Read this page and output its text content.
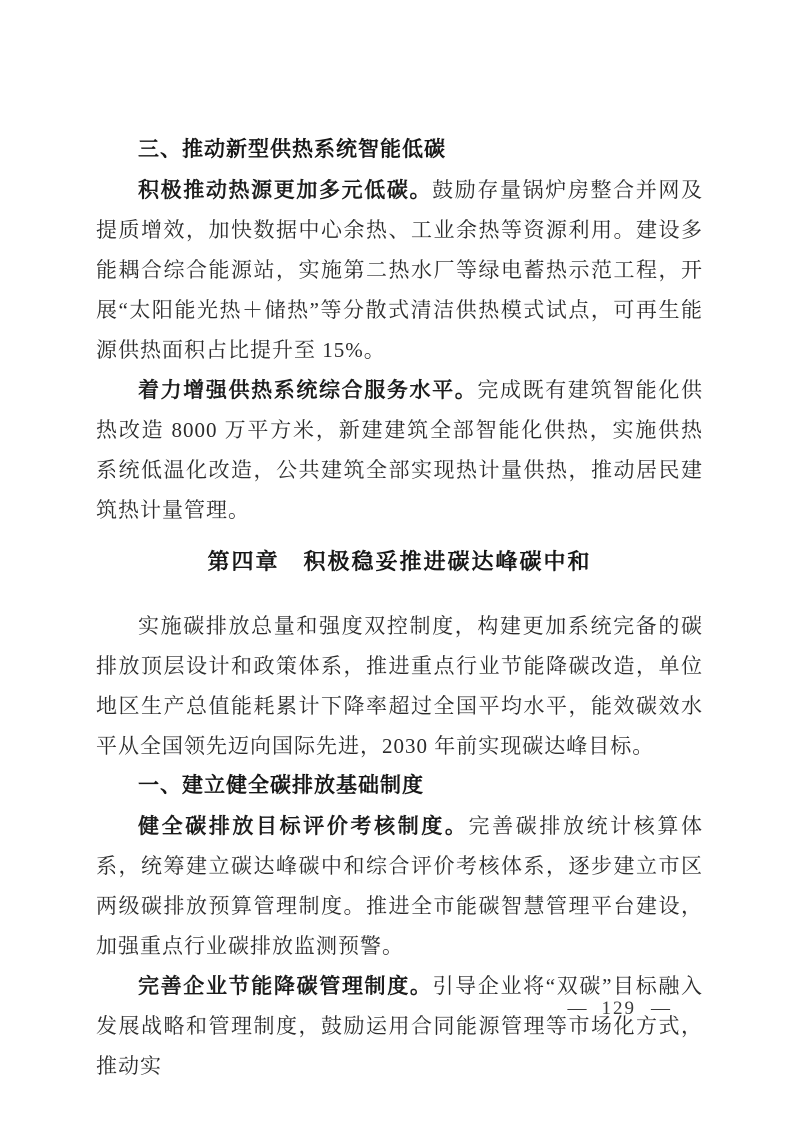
三、推动新型供热系统智能低碳

积极推动热源更加多元低碳。鼓励存量锅炉房整合并网及提质增效，加快数据中心余热、工业余热等资源利用。建设多能耦合综合能源站，实施第二热水厂等绿电蓄热示范工程，开展“太阳能光热＋储热”等分散式清洁供热模式试点，可再生能源供热面积占比提升至 15%。

着力增强供热系统综合服务水平。完成既有建筑智能化供热改造 8000 万平方米，新建建筑全部智能化供热，实施供热系统低温化改造，公共建筑全部实现热计量供热，推动居民建筑热计量管理。

第四章　积极稳妥推进碳达峰碳中和

实施碳排放总量和强度双控制度，构建更加系统完备的碳排放顶层设计和政策体系，推进重点行业节能降碳改造，单位地区生产总值能耗累计下降率超过全国平均水平，能效碳效水平从全国领先迈向国际先进，2030 年前实现碳达峰目标。

一、建立健全碳排放基础制度

健全碳排放目标评价考核制度。完善碳排放统计核算体系，统筹建立碳达峰碳中和综合评价考核体系，逐步建立市区两级碳排放预算管理制度。推进全市能碳智慧管理平台建设，加强重点行业碳排放监测预警。

完善企业节能降碳管理制度。引导企业将“双碳”目标融入发展战略和管理制度，鼓励运用合同能源管理等市场化方式，推动实

— 129 —
